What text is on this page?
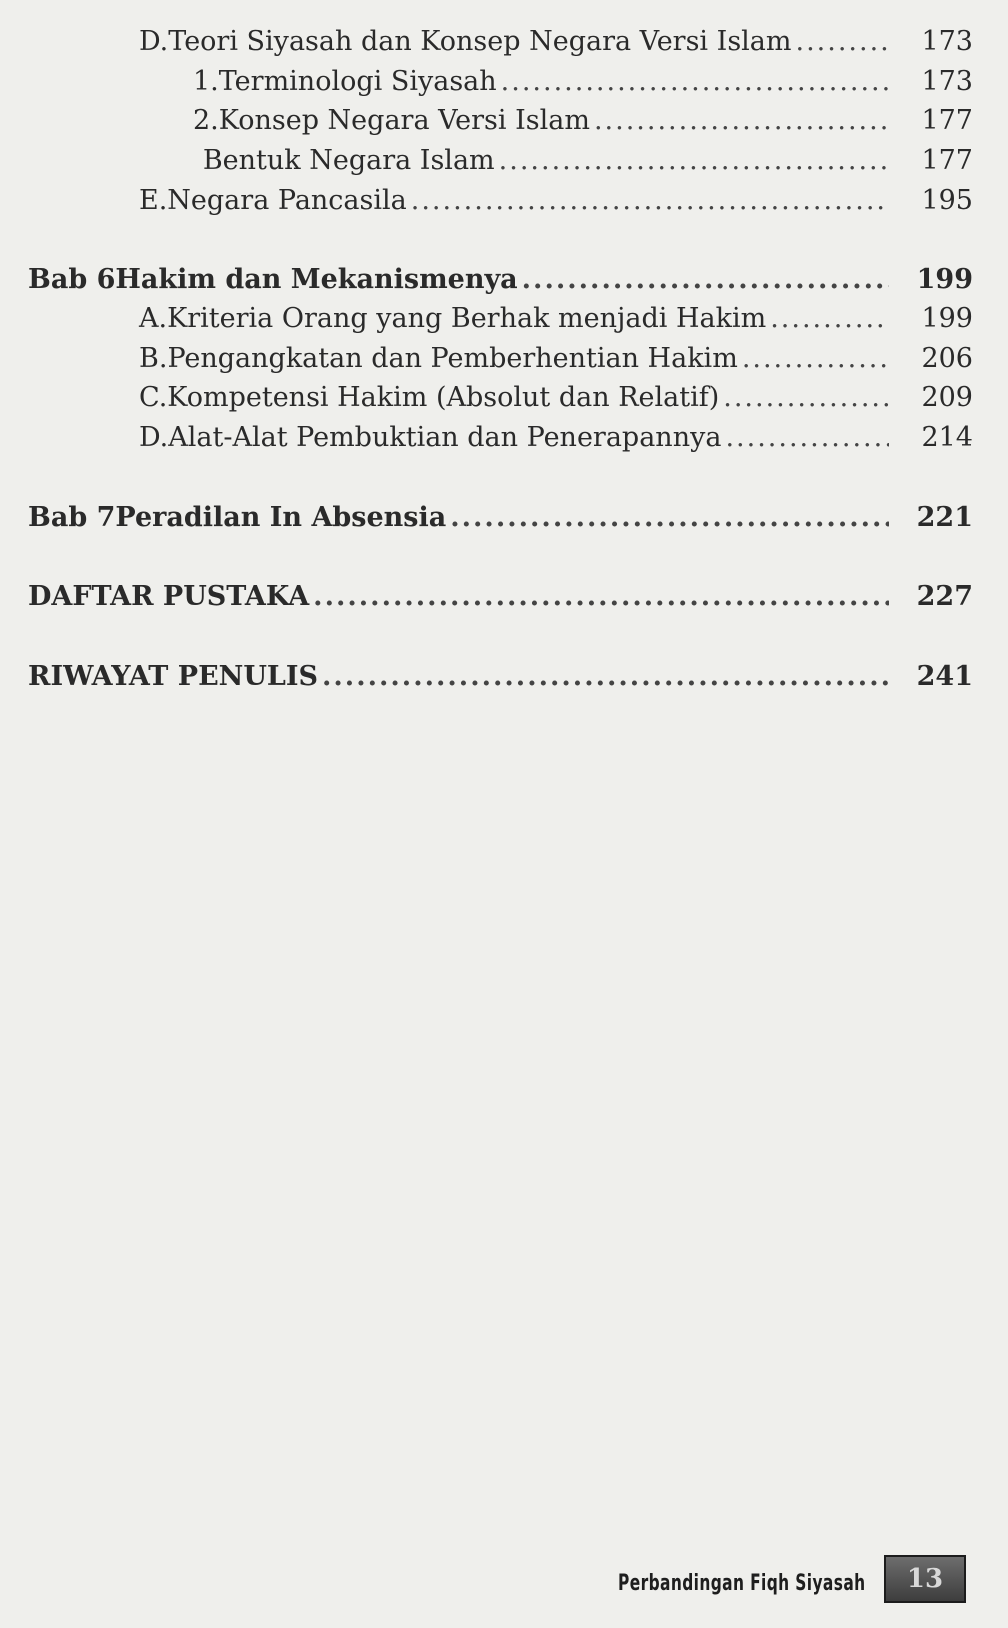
D. Teori Siyasah dan Konsep Negara Versi Islam .....	173
1. Terminologi Siyasah .....	173
2. Konsep Negara Versi Islam .....	177
Bentuk Negara Islam .....	177
E. Negara Pancasila .....	195
Bab 6 Hakim dan Mekanismenya .....	199
A. Kriteria Orang yang Berhak menjadi Hakim .....	199
B. Pengangkatan dan Pemberhentian Hakim .....	206
C. Kompetensi Hakim (Absolut dan Relatif) .....	209
D. Alat-Alat Pembuktian dan Penerapannya .....	214
Bab 7 Peradilan In Absensia .....	221
DAFTAR PUSTAKA .....	227
RIWAYAT PENULIS .....	241
Perbandingan Fiqh Siyasah 13
